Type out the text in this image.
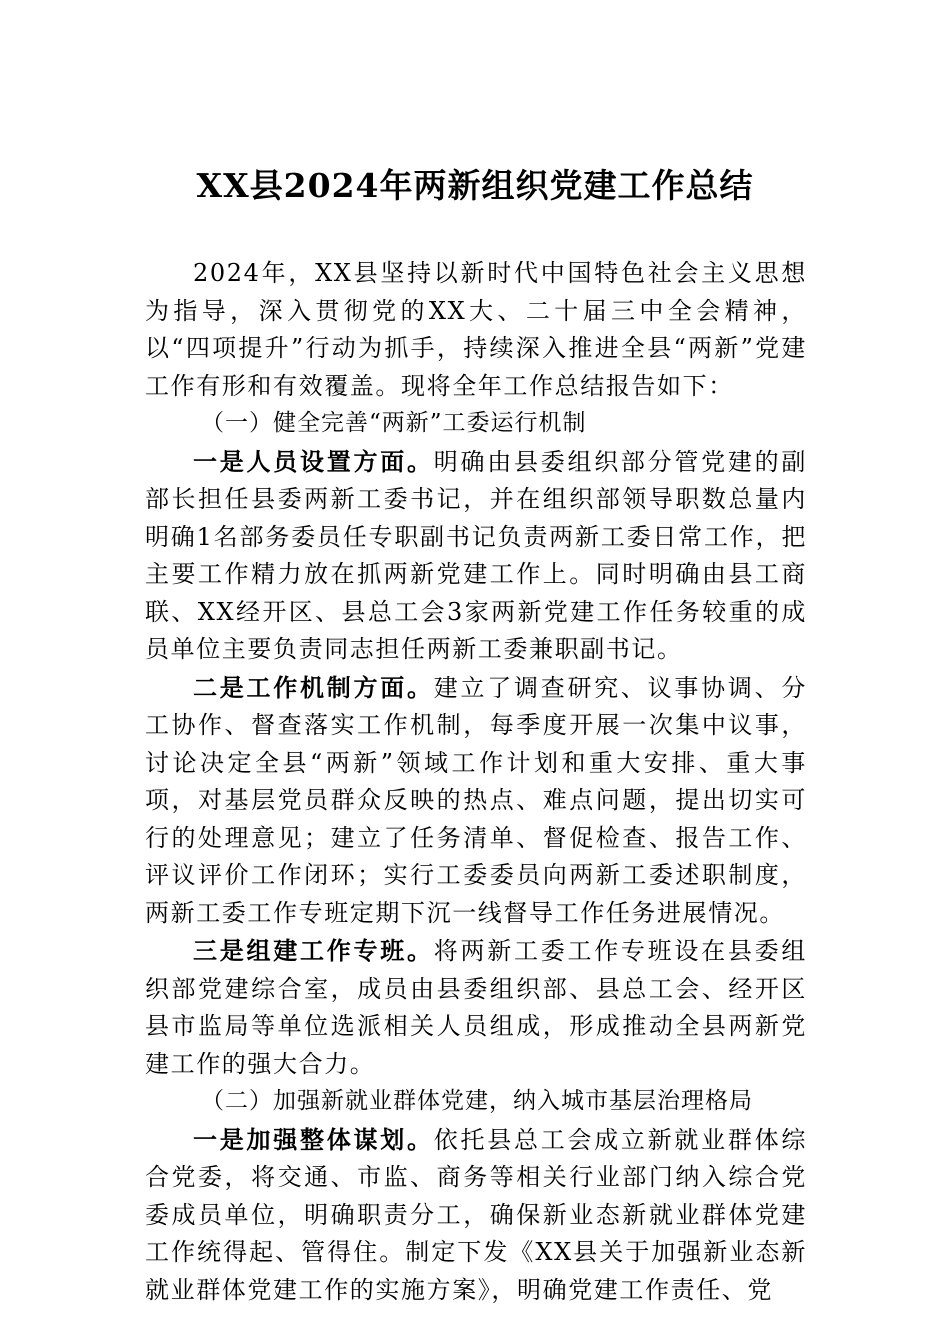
XX县2024年两新组织党建工作总结

2024年，XX县坚持以新时代中国特色社会主义思想为指导，深入贯彻党的XX大、二十届三中全会精神，以“四项提升”行动为抓手，持续深入推进全县“两新”党建工作有形和有效覆盖。现将全年工作总结报告如下：

（一）健全完善“两新”工委运行机制

一是人员设置方面。明确由县委组织部分管党建的副部长担任县委两新工委书记，并在组织部领导职数总量内明确1名部务委员任专职副书记负责两新工委日常工作，把主要工作精力放在抓两新党建工作上。同时明确由县工商联、XX经开区、县总工会3家两新党建工作任务较重的成员单位主要负责同志担任两新工委兼职副书记。

二是工作机制方面。建立了调查研究、议事协调、分工协作、督查落实工作机制，每季度开展一次集中议事，讨论决定全县“两新”领域工作计划和重大安排、重大事项，对基层党员群众反映的热点、难点问题，提出切实可行的处理意见；建立了任务清单、督促检查、报告工作、评议评价工作闭环；实行工委委员向两新工委述职制度，两新工委工作专班定期下沉一线督导工作任务进展情况。

三是组建工作专班。将两新工委工作专班设在县委组织部党建综合室，成员由县委组织部、县总工会、经开区县市监局等单位选派相关人员组成，形成推动全县两新党建工作的强大合力。

（二）加强新就业群体党建，纳入城市基层治理格局

一是加强整体谋划。依托县总工会成立新就业群体综合党委，将交通、市监、商务等相关行业部门纳入综合党委成员单位，明确职责分工，确保新业态新就业群体党建工作统得起、管得住。制定下发《XX县关于加强新业态新就业群体党建工作的实施方案》，明确党建工作责任、党
